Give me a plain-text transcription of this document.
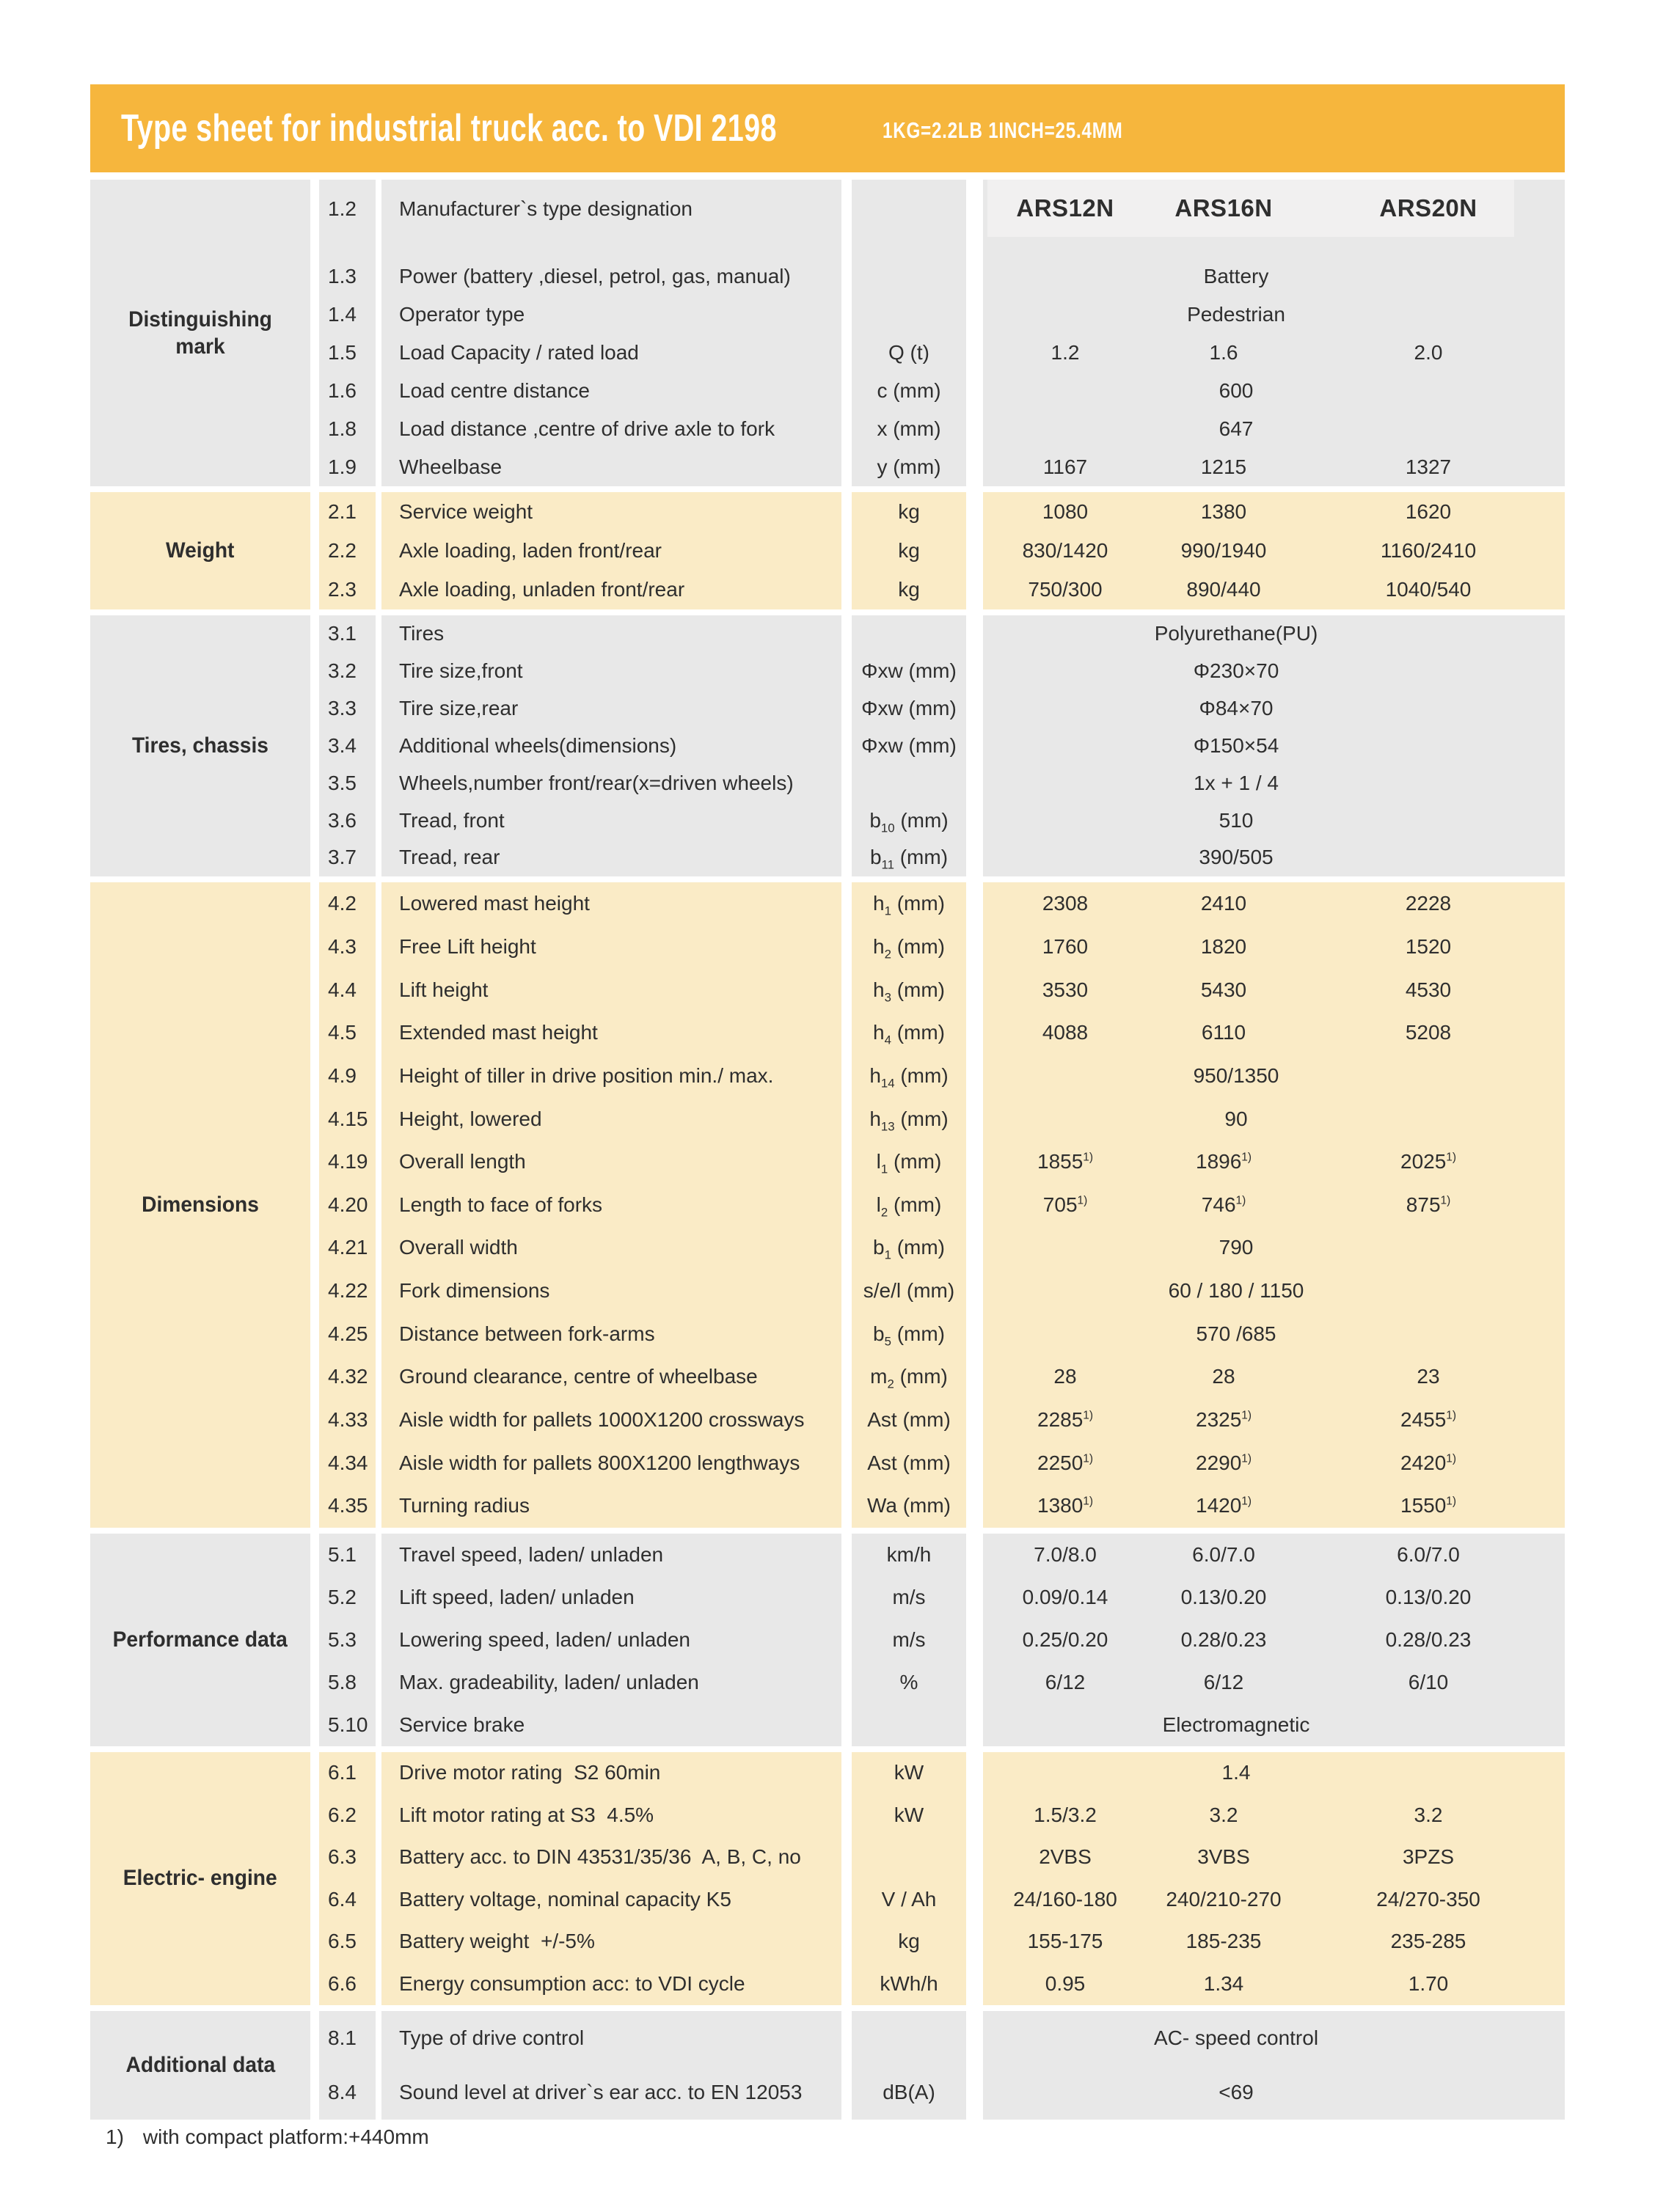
Type sheet for industrial truck acc. to VDI 2198	1KG=2.2LB 1INCH=25.4MM
Distinguishing mark
1.2 Manufacturer`s type designation	ARS12N	ARS16N	ARS20N
1.3 Power (battery ,diesel, petrol, gas, manual)	Battery
1.4 Operator type	Pedestrian
1.5 Load Capacity / rated load	Q (t)	1.2	1.6	2.0
1.6 Load centre distance	c (mm)	600
1.8 Load distance ,centre of drive axle to fork	x (mm)	647
1.9 Wheelbase	y (mm)	1167	1215	1327
Weight
2.1 Service weight	kg	1080	1380	1620
2.2 Axle loading, laden front/rear	kg	830/1420	990/1940	1160/2410
2.3 Axle loading, unladen front/rear	kg	750/300	890/440	1040/540
Tires, chassis
3.1 Tires	Polyurethane(PU)
3.2 Tire size,front	Φxw (mm)	Φ230×70
3.3 Tire size,rear	Φxw (mm)	Φ84×70
3.4 Additional wheels(dimensions)	Φxw (mm)	Φ150×54
3.5 Wheels,number front/rear(x=driven wheels)	1x + 1 / 4
3.6 Tread, front	$b_{10}$ (mm)	510
3.7 Tread, rear	$b_{11}$ (mm)	390/505
Dimensions
4.2 Lowered mast height	$h_1$ (mm)	2308	2410	2228
4.3 Free Lift height	$h_2$ (mm)	1760	1820	1520
4.4 Lift height	$h_3$ (mm)	3530	5430	4530
4.5 Extended mast height	$h_4$ (mm)	4088	6110	5208
4.9 Height of tiller in drive position min./ max.	$h_{14}$ (mm)	950/1350
4.15 Height, lowered	$h_{13}$ (mm)	90
4.19 Overall length	$l_1$ (mm)	1855$^{1)}$	1896$^{1)}$	2025$^{1)}$
4.20 Length to face of forks	$l_2$ (mm)	705$^{1)}$	746$^{1)}$	875$^{1)}$
4.21 Overall width	$b_1$ (mm)	790
4.22 Fork dimensions	s/e/l (mm)	60 / 180 / 1150
4.25 Distance between fork-arms	$b_5$ (mm)	570 /685
4.32 Ground clearance, centre of wheelbase	$m_2$ (mm)	28	28	23
4.33 Aisle width for pallets 1000X1200 crossways	Ast (mm)	2285$^{1)}$	2325$^{1)}$	2455$^{1)}$
4.34 Aisle width for pallets 800X1200 lengthways	Ast (mm)	2250$^{1)}$	2290$^{1)}$	2420$^{1)}$
4.35 Turning radius	Wa (mm)	1380$^{1)}$	1420$^{1)}$	1550$^{1)}$
Performance data
5.1 Travel speed, laden/ unladen	km/h	7.0/8.0	6.0/7.0	6.0/7.0
5.2 Lift speed, laden/ unladen	m/s	0.09/0.14	0.13/0.20	0.13/0.20
5.3 Lowering speed, laden/ unladen	m/s	0.25/0.20	0.28/0.23	0.28/0.23
5.8 Max. gradeability, laden/ unladen	%	6/12	6/12	6/10
5.10 Service brake	Electromagnetic
Electric- engine
6.1 Drive motor rating  S2 60min	kW	1.4
6.2 Lift motor rating at S3  4.5%	kW	1.5/3.2	3.2	3.2
6.3 Battery acc. to DIN 43531/35/36  A, B, C, no	2VBS	3VBS	3PZS
6.4 Battery voltage, nominal capacity K5	V / Ah	24/160-180	240/210-270	24/270-350
6.5 Battery weight  +/-5%	kg	155-175	185-235	235-285
6.6 Energy consumption acc: to VDI cycle	kWh/h	0.95	1.34	1.70
Additional data
8.1 Type of drive control	AC- speed control
8.4 Sound level at driver`s ear acc. to EN 12053	dB(A)	<69
1) with compact platform:+440mm
